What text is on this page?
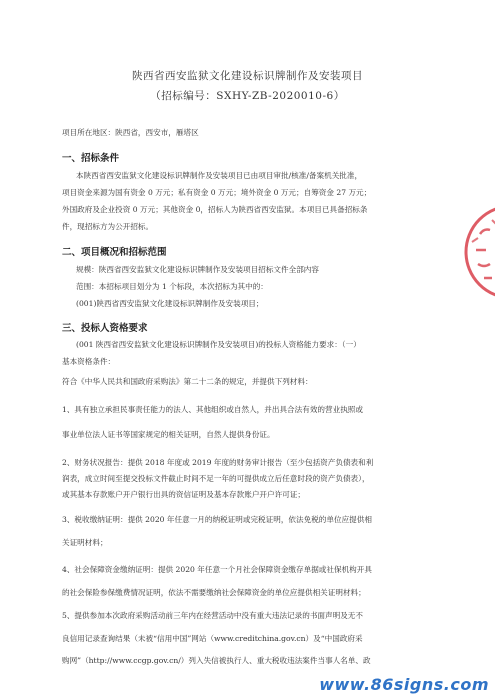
陕西省西安监狱文化建设标识牌制作及安装项目
（招标编号：SXHY-ZB-2020010-6）
项目所在地区：陕西省，西安市，雁塔区
一、招标条件
本陕西省西安监狱文化建设标识牌制作及安装项目已由项目审批/核准/备案机关批准，
项目资金来源为国有资金 0 万元；私有资金 0 万元；境外资金 0 万元；自筹资金 27 万元；
外国政府及企业投资 0 万元；其他资金 0，招标人为陕西省西安监狱。本项目已具备招标条
件，现招标方为公开招标。
二、项目概况和招标范围
规模：陕西省西安监狱文化建设标识牌制作及安装项目招标文件全部内容
范围：本招标项目划分为 1 个标段，本次招标为其中的：
(001)陕西省西安监狱文化建设标识牌制作及安装项目；
三、投标人资格要求
(001 陕西省西安监狱文化建设标识牌制作及安装项目)的投标人资格能力要求：（一）
基本资格条件：
符合《中华人民共和国政府采购法》第二十二条的规定，并提供下列材料：
1、具有独立承担民事责任能力的法人、其他组织或自然人，并出具合法有效的营业执照或
事业单位法人证书等国家规定的相关证明，自然人提供身份证。
2、财务状况报告：提供 2018 年度或 2019 年度的财务审计报告（至少包括资产负债表和利
润表，成立时间至提交投标文件截止时间不足一年的可提供成立后任意时段的资产负债表），
或其基本存款账户开户银行出具的资信证明及基本存款账户开户许可证；
3、税收缴纳证明：提供 2020 年任意一月的纳税证明或完税证明，依法免税的单位应提供相
关证明材料；
4、社会保障资金缴纳证明：提供 2020 年任意一个月社会保障资金缴存单据或社保机构开具
的社会保险参保缴费情况证明，依法不需要缴纳社会保障资金的单位应提供相关证明材料；
5、提供参加本次政府采购活动前三年内在经营活动中没有重大违法记录的书面声明及无不
良信用记录查询结果（未被“信用中国”网站（www.creditchina.gov.cn）及“中国政府采
购网”（http://www.ccgp.gov.cn/）列入失信被执行人、重大税收违法案件当事人名单、政
www.86signs.com
